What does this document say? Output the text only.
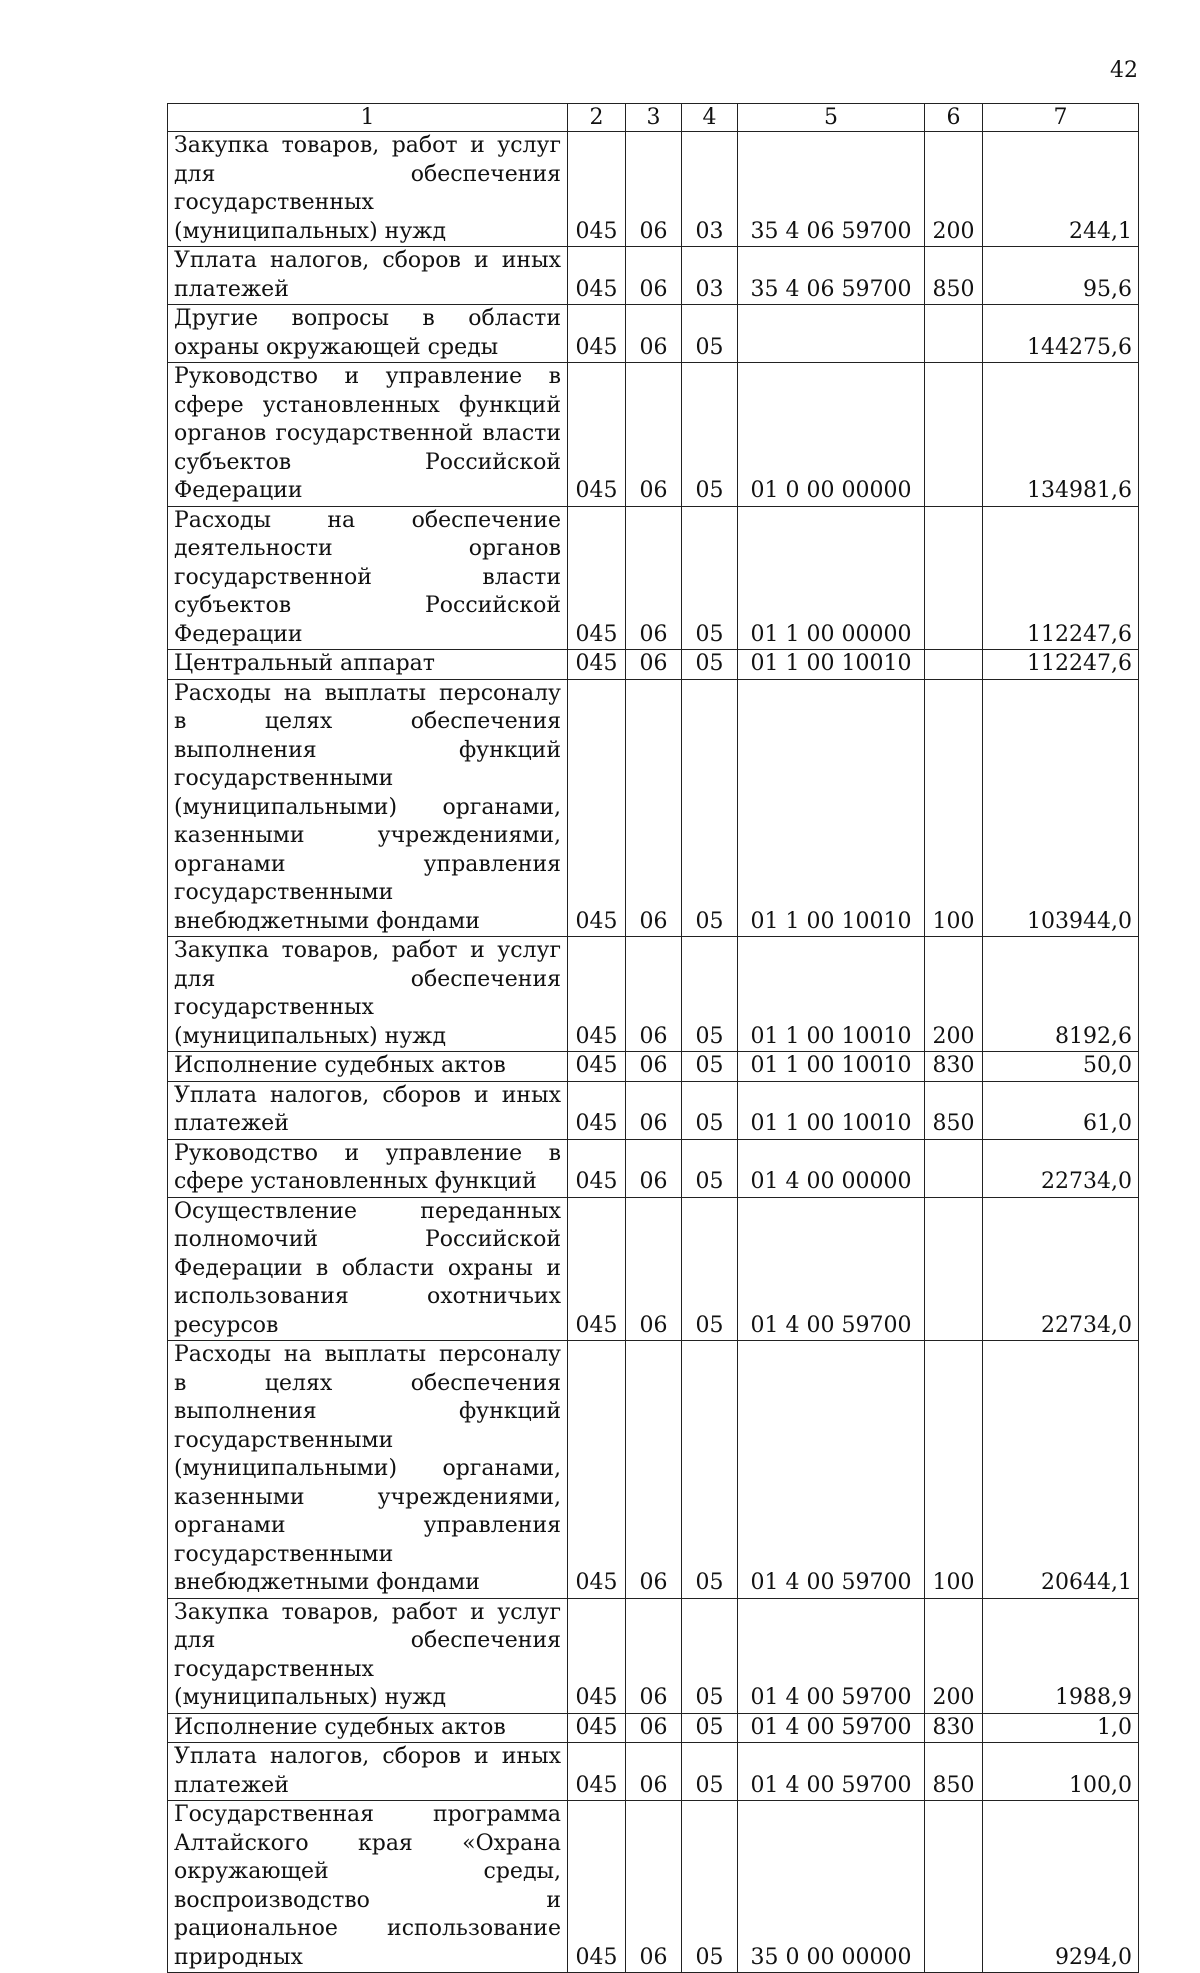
42
1	2	3	4	5	6	7
Закупка товаров, работ и услуг для обеспечения государственных (муниципальных) нужд	045	06	03	35 4 06 59700	200	244,1
Уплата налогов, сборов и иных платежей	045	06	03	35 4 06 59700	850	95,6
Другие вопросы в области охраны окружающей среды	045	06	05			144275,6
Руководство и управление в сфере установленных функций органов государственной власти субъектов Российской Федерации	045	06	05	01 0 00 00000		134981,6
Расходы на обеспечение деятельности органов государственной власти субъектов Российской Федерации	045	06	05	01 1 00 00000		112247,6
Центральный аппарат	045	06	05	01 1 00 10010		112247,6
Расходы на выплаты персоналу в целях обеспечения выполнения функций государственными (муниципальными) органами, казенными учреждениями, органами управления государственными внебюджетными фондами	045	06	05	01 1 00 10010	100	103944,0
Закупка товаров, работ и услуг для обеспечения государственных (муниципальных) нужд	045	06	05	01 1 00 10010	200	8192,6
Исполнение судебных актов	045	06	05	01 1 00 10010	830	50,0
Уплата налогов, сборов и иных платежей	045	06	05	01 1 00 10010	850	61,0
Руководство и управление в сфере установленных функций	045	06	05	01 4 00 00000		22734,0
Осуществление переданных полномочий Российской Федерации в области охраны и использования охотничьих ресурсов	045	06	05	01 4 00 59700		22734,0
Расходы на выплаты персоналу в целях обеспечения выполнения функций государственными (муниципальными) органами, казенными учреждениями, органами управления государственными внебюджетными фондами	045	06	05	01 4 00 59700	100	20644,1
Закупка товаров, работ и услуг для обеспечения государственных (муниципальных) нужд	045	06	05	01 4 00 59700	200	1988,9
Исполнение судебных актов	045	06	05	01 4 00 59700	830	1,0
Уплата налогов, сборов и иных платежей	045	06	05	01 4 00 59700	850	100,0
Государственная программа Алтайского края «Охрана окружающей среды, воспроизводство и рациональное использование природных	045	06	05	35 0 00 00000		9294,0
